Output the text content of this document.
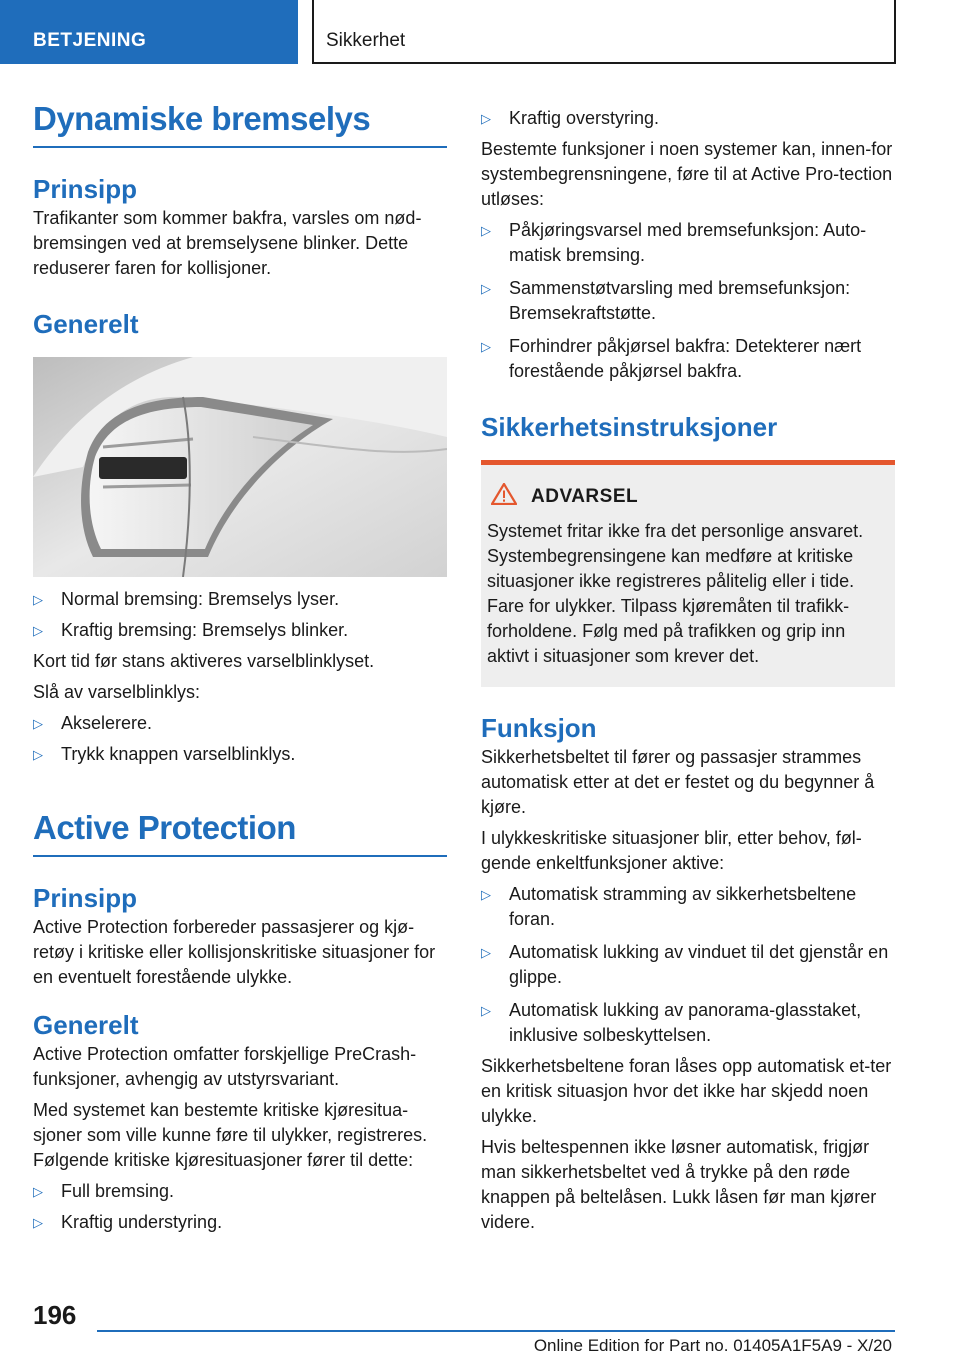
BETJENING	Sikkerhet
Dynamiske bremselys
Prinsipp

Trafikanter som kommer bakfra, varsles om nød-bremsingen ved at bremselysene blinker. Dette reduserer faren for kollisjoner.

Generelt
▷	Normal bremsing: Bremselys lyser.
▷	Kraftig bremsing: Bremselys blinker.

Kort tid før stans aktiveres varselblinklyset.

Slå av varselblinklys:

▷	Akselerere.
▷	Trykk knappen varselblinklys.
Active Protection
Prinsipp

Active Protection forbereder passasjerer og kjø-retøy i kritiske eller kollisjonskritiske situasjoner for en eventuelt forestående ulykke.

Generelt

Active Protection omfatter forskjellige PreCrash-funksjoner, avhengig av utstyrsvariant.

Med systemet kan bestemte kritiske kjøresitua-sjoner som ville kunne føre til ulykker, registreres. Følgende kritiske kjøresituasjoner fører til dette:

▷	Full bremsing.
▷	Kraftig understyring.
▷	Kraftig overstyring.

Bestemte funksjoner i noen systemer kan, innen-for systembegrensningene, føre til at Active Pro-tection utløses:

▷	Påkjøringsvarsel med bremsefunksjon: Auto-matisk bremsing.
▷	Sammenstøtvarsling med bremsefunksjon: Bremsekraftstøtte.
▷	Forhindrer påkjørsel bakfra: Detekterer nært forestående påkjørsel bakfra.
Sikkerhetsinstruksjoner
ADVARSEL

Systemet fritar ikke fra det personlige ansvaret. Systembegrensingene kan medføre at kritiske situasjoner ikke registreres pålitelig eller i tide. Fare for ulykker. Tilpass kjøremåten til trafikk-forholdene. Følg med på trafikken og grip inn aktivt i situasjoner som krever det.

Funksjon

Sikkerhetsbeltet til fører og passasjer strammes automatisk etter at det er festet og du begynner å kjøre.

I ulykkeskritiske situasjoner blir, etter behov, føl-gende enkeltfunksjoner aktive:

▷	Automatisk stramming av sikkerhetsbeltene foran.
▷	Automatisk lukking av vinduet til det gjenstår en glippe.
▷	Automatisk lukking av panorama-glasstaket, inklusive solbeskyttelsen.

Sikkerhetsbeltene foran låses opp automatisk et-ter en kritisk situasjon hvor det ikke har skjedd noen ulykke.

Hvis beltespennen ikke løsner automatisk, frigjør man sikkerhetsbeltet ved å trykke på den røde knappen på beltelåsen. Lukk låsen før man kjører videre.

196
Online Edition for Part no. 01405A1F5A9 - X/20
